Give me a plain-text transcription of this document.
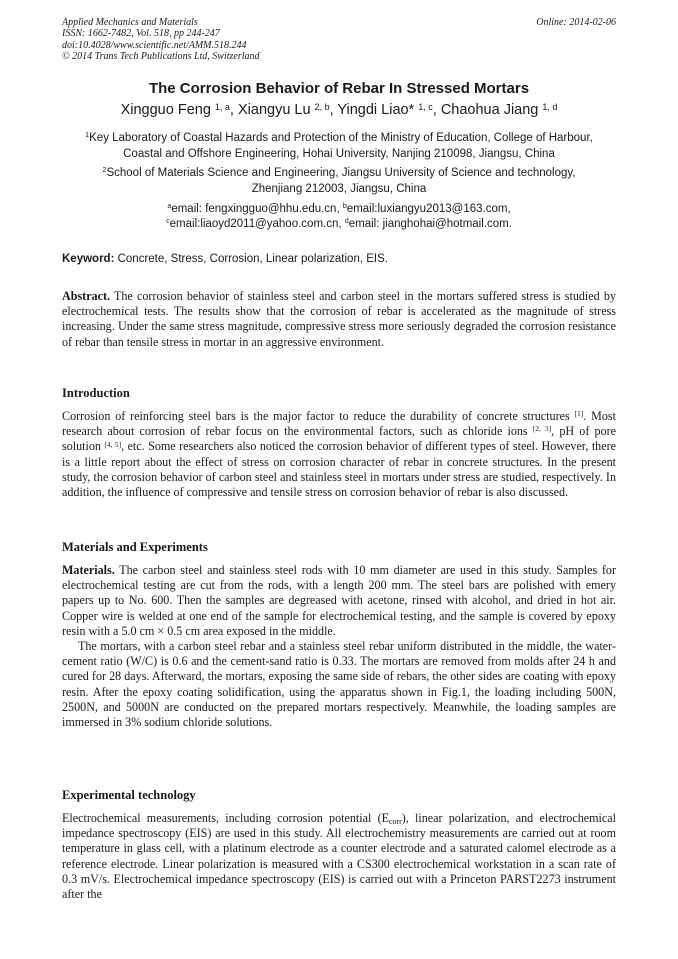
Applied Mechanics and Materials
ISSN: 1662-7482, Vol. 518, pp 244-247
doi:10.4028/www.scientific.net/AMM.518.244
© 2014 Trans Tech Publications Ltd, Switzerland
Online: 2014-02-06
The Corrosion Behavior of Rebar In Stressed Mortars
Xingguo Feng $^{1, a}$, Xiangyu Lu $^{2, b}$, Yingdi Liao* $^{1, c}$, Chaohua Jiang $^{1, d}$
$^1$Key Laboratory of Coastal Hazards and Protection of the Ministry of Education, College of Harbour,
Coastal and Offshore Engineering, Hohai University, Nanjing 210098, Jiangsu, China
$^2$School of Materials Science and Engineering, Jiangsu University of Science and technology,
Zhenjiang 212003, Jiangsu, China
$^a$email: fengxingguo@hhu.edu.cn, $^b$email:luxiangyu2013@163.com,
$^c$email:liaoyd2011@yahoo.com.cn, $^d$email: jianghohai@hotmail.com.
Keyword: Concrete, Stress, Corrosion, Linear polarization, EIS.

Abstract. The corrosion behavior of stainless steel and carbon steel in the mortars suffered stress is studied by electrochemical tests. The results show that the corrosion of rebar is accelerated as the magnitude of stress increasing. Under the same stress magnitude, compressive stress more seriously degraded the corrosion resistance of rebar than tensile stress in mortar in an aggressive environment.

Introduction

Corrosion of reinforcing steel bars is the major factor to reduce the durability of concrete structures [1]. Most research about corrosion of rebar focus on the environmental factors, such as chloride ions [2, 3], pH of pore solution [4, 5], etc. Some researchers also noticed the corrosion behavior of different types of steel. However, there is a little report about the effect of stress on corrosion character of rebar in concrete structures. In the present study, the corrosion behavior of carbon steel and stainless steel in mortars under stress are studied, respectively. In addition, the influence of compressive and tensile stress on corrosion behavior of rebar is also discussed.

Materials and Experiments

Materials. The carbon steel and stainless steel rods with 10 mm diameter are used in this study. Samples for electrochemical testing are cut from the rods, with a length 200 mm. The steel bars are polished with emery papers up to No. 600. Then the samples are degreased with acetone, rinsed with alcohol, and dried in hot air. Copper wire is welded at one end of the sample for electrochemical testing, and the sample is covered by epoxy resin with a 5.0 cm × 0.5 cm area exposed in the middle.

The mortars, with a carbon steel rebar and a stainless steel rebar uniform distributed in the middle, the water-cement ratio (W/C) is 0.6 and the cement-sand ratio is 0.33. The mortars are removed from molds after 24 h and cured for 28 days. Afterward, the mortars, exposing the same side of rebars, the other sides are coating with epoxy resin. After the epoxy coating solidification, using the apparatus shown in Fig.1, the loading including 500N, 2500N, and 5000N are conducted on the prepared mortars respectively. Meanwhile, the loading samples are immersed in 3% sodium chloride solutions.

Experimental technology

Electrochemical measurements, including corrosion potential $(E_{corr})$, linear polarization, and electrochemical impedance spectroscopy (EIS) are used in this study. All electrochemistry measurements are carried out at room temperature in glass cell, with a platinum electrode as a counter electrode and a saturated calomel electrode as a reference electrode. Linear polarization is measured with a CS300 electrochemical workstation in a scan rate of 0.3 mV/s. Electrochemical impedance spectroscopy (EIS) is carried out with a Princeton PARST2273 instrument after the
